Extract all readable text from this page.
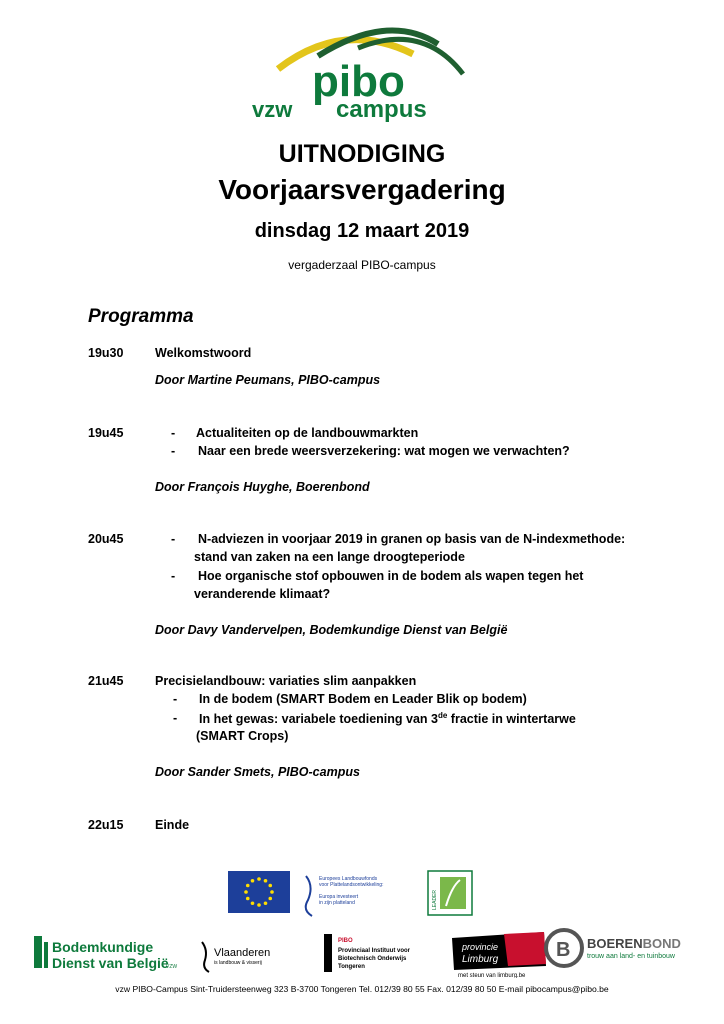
pibo
vzw campus
UITNODIGING
Voorjaarsvergadering
dinsdag 12 maart 2019
vergaderzaal PIBO-campus
Programma
19u30	Welkomstwoord
Door Martine Peumans, PIBO-campus
19u45	- Actualiteiten op de landbouwmarkten
- Naar een brede weersverzekering: wat mogen we verwachten?
Door François Huyghe, Boerenbond
20u45	- N-adviezen in voorjaar 2019 in granen op basis van de N-indexmethode:
stand van zaken na een lange droogteperiode
- Hoe organische stof opbouwen in de bodem als wapen tegen het
veranderende klimaat?
Door Davy Vandervelpen, Bodemkundige Dienst van België
21u45	Precisielandbouw: variaties slim aanpakken
- In de bodem (SMART Bodem en Leader Blik op bodem)
- In het gewas: variabele toediening van 3de fractie in wintertarwe
(SMART Crops)
Door Sander Smets, PIBO-campus
22u15	Einde
Europees Landbouwfonds
voor Plattelandsontwikkeling:
Europa investeert
in zijn platteland	LEADER
Bodemkundige
Dienst van België
VZW
Vlaanderen
is landbouw & visserij
PIBO
Provinciaal Instituut voor
Biotechnisch Onderwijs
Tongeren
provincie
Limburg
met steun van limburg.be
B BOERENBOND
trouw aan land- en tuinbouw
vzw PIBO-Campus Sint-Truidersteenweg 323 B-3700 Tongeren Tel. 012/39 80 55 Fax. 012/39 80 50 E-mail pibocampus@pibo.be
